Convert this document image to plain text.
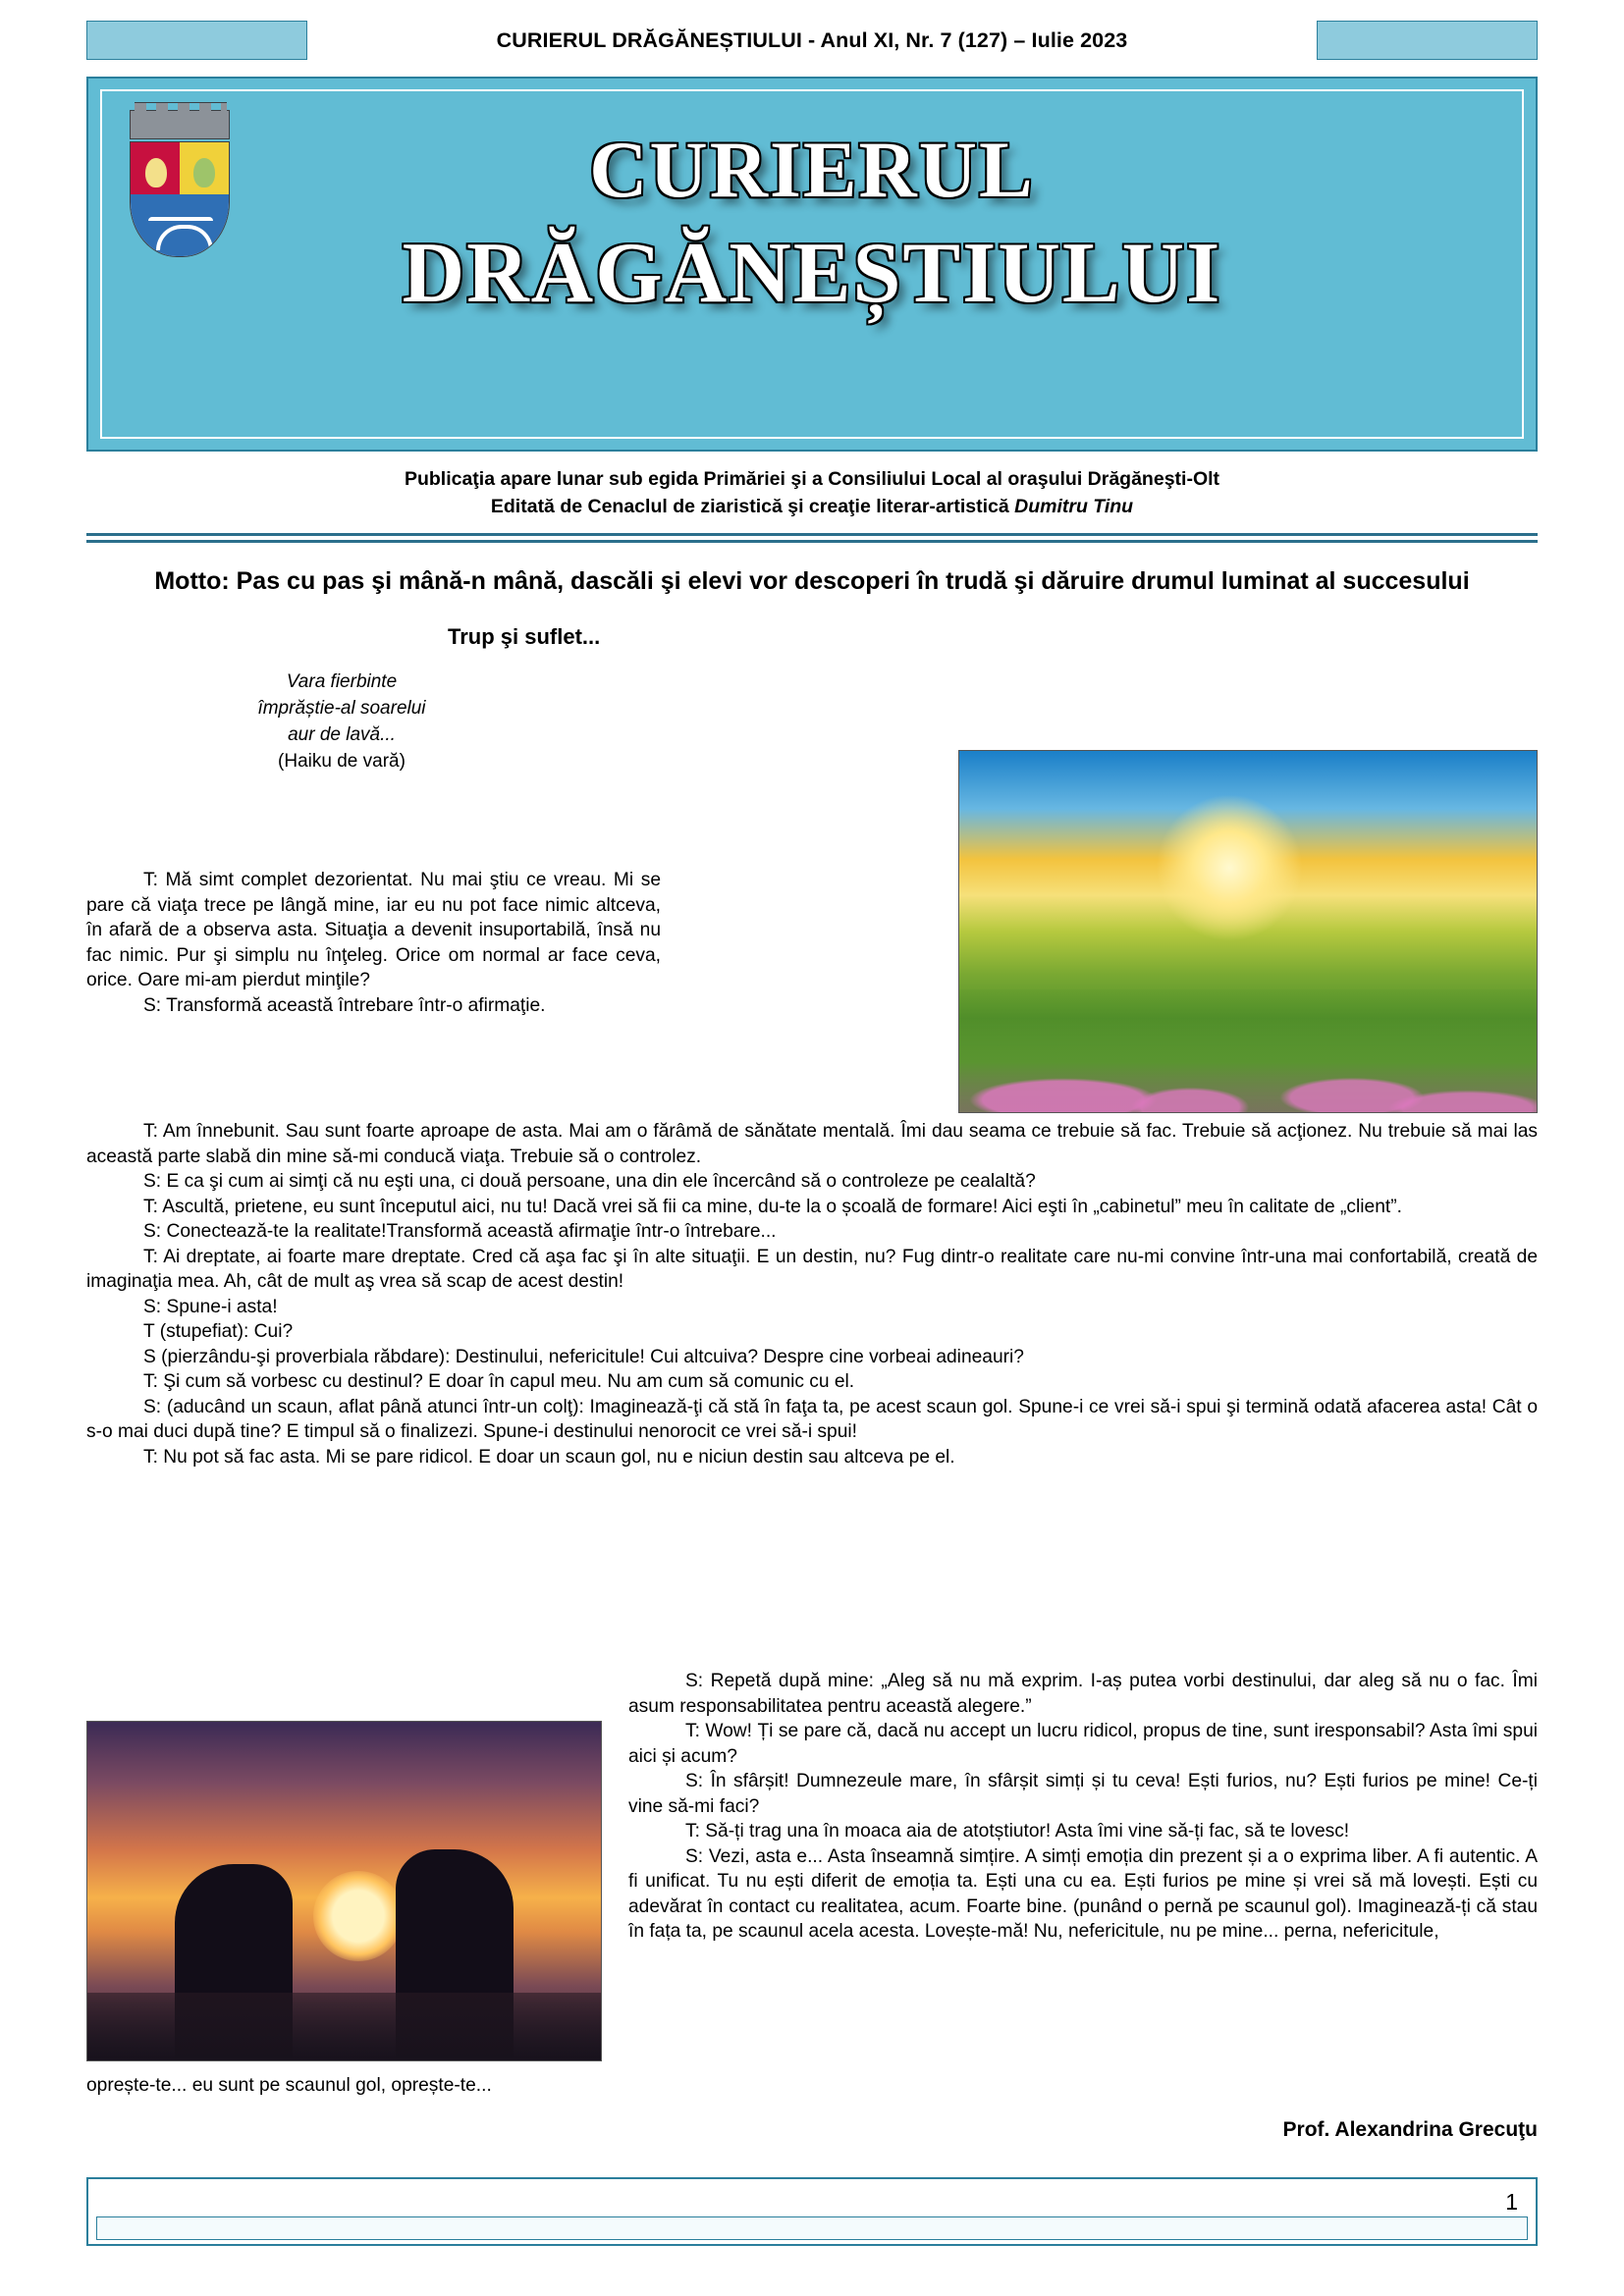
CURIERUL DRĂGĂNEȘTIULUI - Anul XI, Nr. 7 (127) – Iulie 2023
CURIERUL
DRĂGĂNEȘTIULUI
Publicaţia apare lunar sub egida Primăriei şi a Consiliului Local al oraşului Drăgăneşti-Olt
Editată de Cenaclul de ziaristică şi creaţie literar-artistică Dumitru Tinu
Motto: Pas cu pas şi mână-n mână, dascăli şi elevi vor descoperi în trudă şi dăruire drumul luminat al succesului
Trup şi suflet...
Vara fierbinte
împrăștie-al soarelui
aur de lavă...
(Haiku de vară)

T: Mă simt complet dezorientat. Nu mai ştiu ce vreau. Mi se pare că viaţa trece pe lângă mine, iar eu nu pot face nimic altceva, în afară de a observa asta. Situaţia a devenit insuportabilă, însă nu fac nimic. Pur şi simplu nu înţeleg. Orice om normal ar face ceva, orice. Oare mi-am pierdut minţile?

S: Transformă această întrebare într-o afirmaţie.

T: Am înnebunit. Sau sunt foarte aproape de asta. Mai am o fărâmă de sănătate mentală. Îmi dau seama ce trebuie să fac. Trebuie să acţionez. Nu trebuie să mai las această parte slabă din mine să-mi conducă viaţa. Trebuie să o controlez.

S: E ca şi cum ai simţi că nu eşti una, ci două persoane, una din ele încercând să o controleze pe cealaltă?

T: Ascultă, prietene, eu sunt începutul aici, nu tu! Dacă vrei să fii ca mine, du-te la o școală de formare! Aici eşti în „cabinetul” meu în calitate de „client”.

S: Conectează-te la realitate!Transformă această afirmaţie într-o întrebare...

T: Ai dreptate, ai foarte mare dreptate. Cred că aşa fac şi în alte situaţii. E un destin, nu? Fug dintr-o realitate care nu-mi convine într-una mai confortabilă, creată de imaginaţia mea. Ah, cât de mult aş vrea să scap de acest destin!

S: Spune-i asta!

T (stupefiat): Cui?

S (pierzându-şi proverbiala răbdare): Destinului, nefericitule! Cui altcuiva? Despre cine vorbeai adineauri?

T: Şi cum să vorbesc cu destinul? E doar în capul meu. Nu am cum să comunic cu el.

S: (aducând un scaun, aflat până atunci într-un colţ): Imaginează-ţi că stă în faţa ta, pe acest scaun gol. Spune-i ce vrei să-i spui şi termină odată afacerea asta! Cât o s-o mai duci după tine? E timpul să o finalizezi. Spune-i destinului nenorocit ce vrei să-i spui!

T: Nu pot să fac asta. Mi se pare ridicol. E doar un scaun gol, nu e niciun destin sau altceva pe el.

S: Repetă după mine: „Aleg să nu mă exprim. I-aș putea vorbi destinului, dar aleg să nu o fac. Îmi asum responsabilitatea pentru această alegere.”

T: Wow! Ți se pare că, dacă nu accept un lucru ridicol, propus de tine, sunt iresponsabil? Asta îmi spui aici și acum?

S: În sfârșit! Dumnezeule mare, în sfârșit simți și tu ceva! Ești furios, nu? Ești furios pe mine! Ce-ți vine să-mi faci?

T: Să-ți trag una în moaca aia de atotștiutor! Asta îmi vine să-ți fac, să te lovesc!

S: Vezi, asta e... Asta înseamnă simțire. A simți emoția din prezent și a o exprima liber. A fi autentic. A fi unificat. Tu nu ești diferit de emoția ta. Ești una cu ea. Ești furios pe mine și vrei să mă lovești. Ești cu adevărat în contact cu realitatea, acum. Foarte bine. (punând o pernă pe scaunul gol). Imaginează-ți că stau în fața ta, pe scaunul acela acesta. Lovește-mă! Nu, nefericitule, nu pe mine... perna, nefericitule,

oprește-te... eu sunt pe scaunul gol, oprește-te...
Prof. Alexandrina Grecuţu
1
